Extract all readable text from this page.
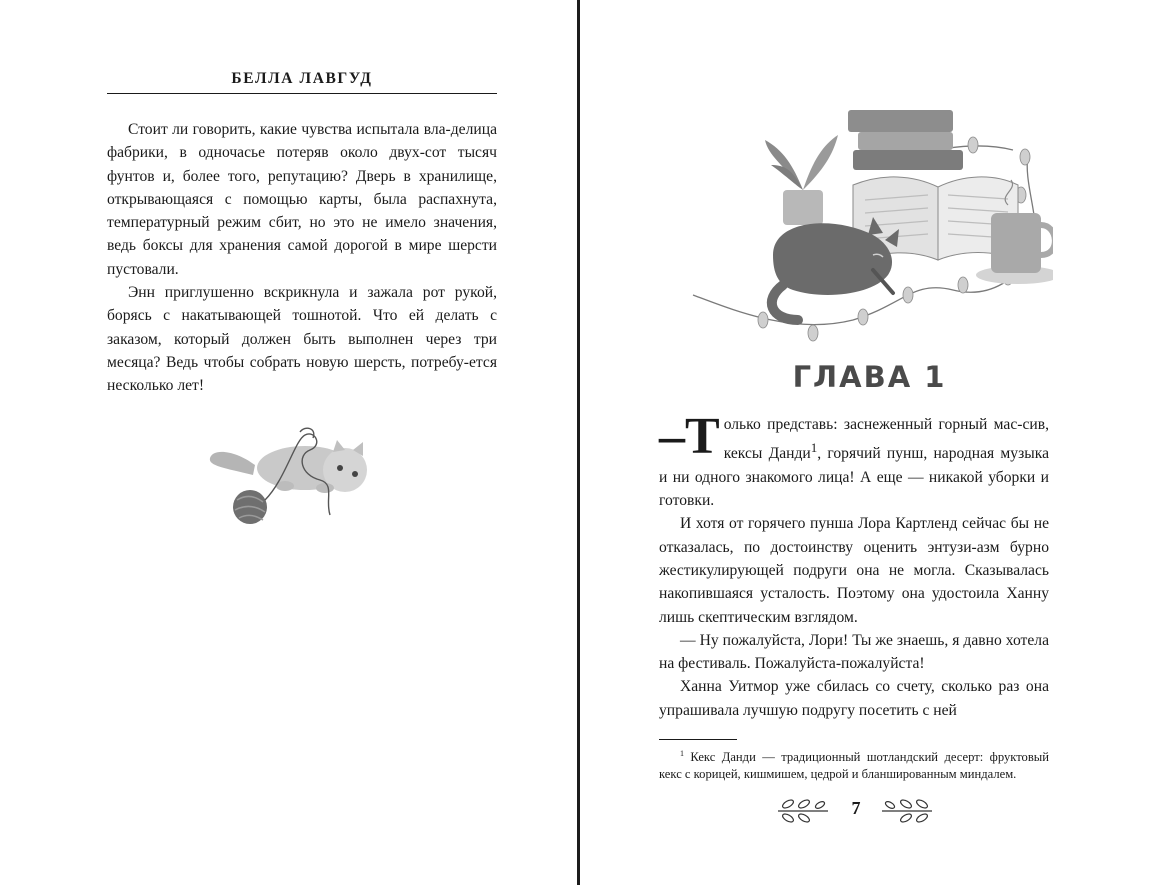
БЕЛЛА ЛАВГУД

Стоит ли говорить, какие чувства испытала вла-делица фабрики, в одночасье потеряв около двух-сот тысяч фунтов и, более того, репутацию? Дверь в хранилище, открывающаяся с помощью карты, была распахнута, температурный режим сбит, но это не имело значения, ведь боксы для хранения самой дорогой в мире шерсти пустовали.

Энн приглушенно вскрикнула и зажала рот рукой, борясь с накатывающей тошнотой. Что ей делать с заказом, который должен быть выполнен через три месяца? Ведь чтобы собрать новую шерсть, потребу-ется несколько лет!	ГЛАВА 1

–Т олько представь: заснеженный горный мас-сив, кексы Данди$^1$, горячий пунш, народная музыка и ни одного знакомого лица! А еще — никакой уборки и готовки.

И хотя от горячего пунша Лора Картленд сейчас бы не отказалась, по достоинству оценить энтузи-азм бурно жестикулирующей подруги она не могла. Сказывалась накопившаяся усталость. Поэтому она удостоила Ханну лишь скептическим взглядом.

— Ну пожалуйста, Лори! Ты же знаешь, я давно хотела на фестиваль. Пожалуйста-пожалуйста!

Ханна Уитмор уже сбилась со счету, сколько раз она упрашивала лучшую подругу посетить с ней

$^1$ Кекс Данди — традиционный шотландский десерт: фруктовый кекс с корицей, кишмишем, цедрой и бланшированным миндалем.

7
